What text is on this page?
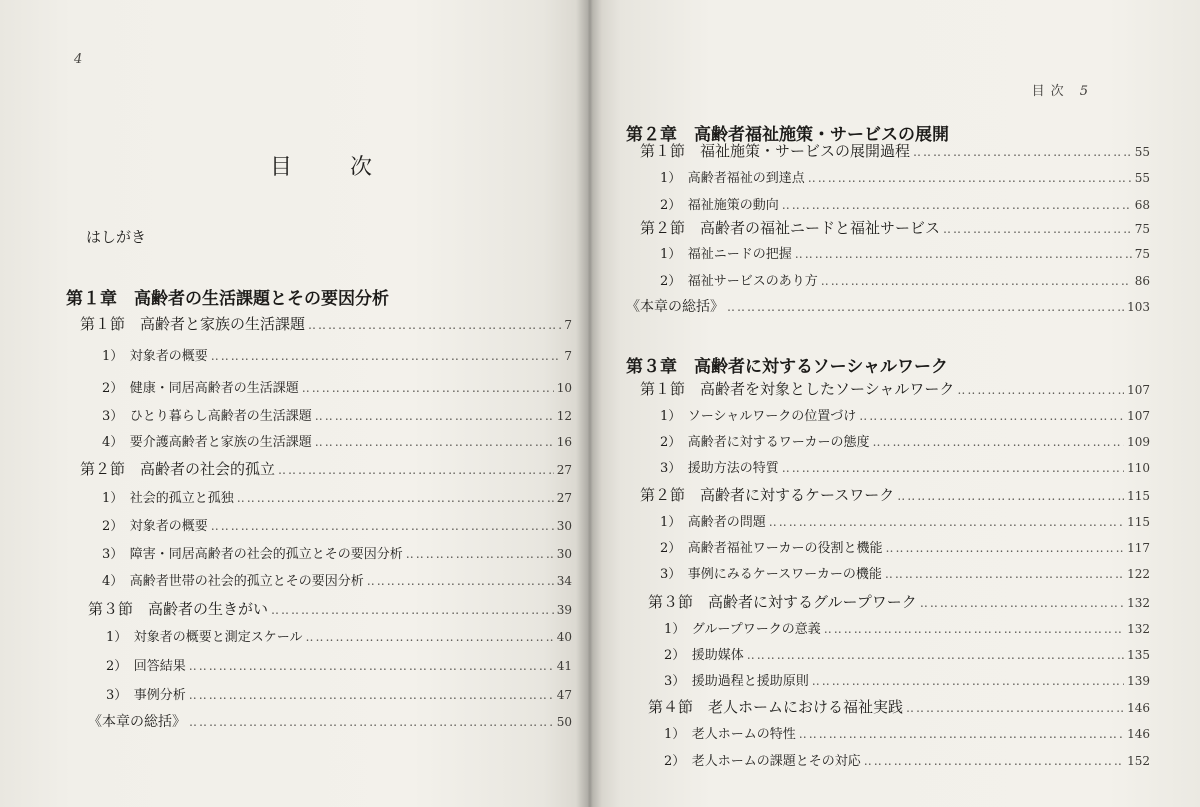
4
目次
はしがき
第１章　高齢者の生活課題とその要因分析
第１節　高齢者と家族の生活課題 ‥‥‥‥‥‥‥‥‥‥‥‥‥‥‥‥‥‥‥‥‥‥‥‥‥‥‥‥‥‥‥‥‥‥‥‥‥‥‥‥‥‥‥‥‥‥‥‥‥‥‥‥‥‥‥‥‥‥‥‥‥‥‥‥‥‥‥‥‥‥‥‥‥‥‥‥‥‥‥‥	7
1）　対象者の概要 ‥‥‥‥‥‥‥‥‥‥‥‥‥‥‥‥‥‥‥‥‥‥‥‥‥‥‥‥‥‥‥‥‥‥‥‥‥‥‥‥‥‥‥‥‥‥‥‥‥‥‥‥‥‥‥‥‥‥‥‥‥‥‥‥‥‥‥‥‥‥‥‥‥‥‥‥‥‥‥‥	7
2）　健康・同居高齢者の生活課題 ‥‥‥‥‥‥‥‥‥‥‥‥‥‥‥‥‥‥‥‥‥‥‥‥‥‥‥‥‥‥‥‥‥‥‥‥‥‥‥‥‥‥‥‥‥‥‥‥‥‥‥‥‥‥‥‥‥‥‥‥‥‥‥‥‥‥‥‥‥‥‥‥‥‥‥‥‥‥‥‥	10
3）　ひとり暮らし高齢者の生活課題 ‥‥‥‥‥‥‥‥‥‥‥‥‥‥‥‥‥‥‥‥‥‥‥‥‥‥‥‥‥‥‥‥‥‥‥‥‥‥‥‥‥‥‥‥‥‥‥‥‥‥‥‥‥‥‥‥‥‥‥‥‥‥‥‥‥‥‥‥‥‥‥‥‥‥‥‥‥‥‥‥	12
4）　要介護高齢者と家族の生活課題 ‥‥‥‥‥‥‥‥‥‥‥‥‥‥‥‥‥‥‥‥‥‥‥‥‥‥‥‥‥‥‥‥‥‥‥‥‥‥‥‥‥‥‥‥‥‥‥‥‥‥‥‥‥‥‥‥‥‥‥‥‥‥‥‥‥‥‥‥‥‥‥‥‥‥‥‥‥‥‥‥	16
第２節　高齢者の社会的孤立 ‥‥‥‥‥‥‥‥‥‥‥‥‥‥‥‥‥‥‥‥‥‥‥‥‥‥‥‥‥‥‥‥‥‥‥‥‥‥‥‥‥‥‥‥‥‥‥‥‥‥‥‥‥‥‥‥‥‥‥‥‥‥‥‥‥‥‥‥‥‥‥‥‥‥‥‥‥‥‥‥	27
1）　社会的孤立と孤独 ‥‥‥‥‥‥‥‥‥‥‥‥‥‥‥‥‥‥‥‥‥‥‥‥‥‥‥‥‥‥‥‥‥‥‥‥‥‥‥‥‥‥‥‥‥‥‥‥‥‥‥‥‥‥‥‥‥‥‥‥‥‥‥‥‥‥‥‥‥‥‥‥‥‥‥‥‥‥‥‥	27
2）　対象者の概要 ‥‥‥‥‥‥‥‥‥‥‥‥‥‥‥‥‥‥‥‥‥‥‥‥‥‥‥‥‥‥‥‥‥‥‥‥‥‥‥‥‥‥‥‥‥‥‥‥‥‥‥‥‥‥‥‥‥‥‥‥‥‥‥‥‥‥‥‥‥‥‥‥‥‥‥‥‥‥‥‥	30
3）　障害・同居高齢者の社会的孤立とその要因分析 ‥‥‥‥‥‥‥‥‥‥‥‥‥‥‥‥‥‥‥‥‥‥‥‥‥‥‥‥‥‥‥‥‥‥‥‥‥‥‥‥‥‥‥‥‥‥‥‥‥‥‥‥‥‥‥‥‥‥‥‥‥‥‥‥‥‥‥‥‥‥‥‥‥‥‥‥‥‥‥‥	30
4）　高齢者世帯の社会的孤立とその要因分析 ‥‥‥‥‥‥‥‥‥‥‥‥‥‥‥‥‥‥‥‥‥‥‥‥‥‥‥‥‥‥‥‥‥‥‥‥‥‥‥‥‥‥‥‥‥‥‥‥‥‥‥‥‥‥‥‥‥‥‥‥‥‥‥‥‥‥‥‥‥‥‥‥‥‥‥‥‥‥‥‥	34
第３節　高齢者の生きがい ‥‥‥‥‥‥‥‥‥‥‥‥‥‥‥‥‥‥‥‥‥‥‥‥‥‥‥‥‥‥‥‥‥‥‥‥‥‥‥‥‥‥‥‥‥‥‥‥‥‥‥‥‥‥‥‥‥‥‥‥‥‥‥‥‥‥‥‥‥‥‥‥‥‥‥‥‥‥‥‥	39
1）　対象者の概要と測定スケール ‥‥‥‥‥‥‥‥‥‥‥‥‥‥‥‥‥‥‥‥‥‥‥‥‥‥‥‥‥‥‥‥‥‥‥‥‥‥‥‥‥‥‥‥‥‥‥‥‥‥‥‥‥‥‥‥‥‥‥‥‥‥‥‥‥‥‥‥‥‥‥‥‥‥‥‥‥‥‥‥	40
2）　回答結果 ‥‥‥‥‥‥‥‥‥‥‥‥‥‥‥‥‥‥‥‥‥‥‥‥‥‥‥‥‥‥‥‥‥‥‥‥‥‥‥‥‥‥‥‥‥‥‥‥‥‥‥‥‥‥‥‥‥‥‥‥‥‥‥‥‥‥‥‥‥‥‥‥‥‥‥‥‥‥‥‥	41
3）　事例分析 ‥‥‥‥‥‥‥‥‥‥‥‥‥‥‥‥‥‥‥‥‥‥‥‥‥‥‥‥‥‥‥‥‥‥‥‥‥‥‥‥‥‥‥‥‥‥‥‥‥‥‥‥‥‥‥‥‥‥‥‥‥‥‥‥‥‥‥‥‥‥‥‥‥‥‥‥‥‥‥‥	47
《本章の総括》 ‥‥‥‥‥‥‥‥‥‥‥‥‥‥‥‥‥‥‥‥‥‥‥‥‥‥‥‥‥‥‥‥‥‥‥‥‥‥‥‥‥‥‥‥‥‥‥‥‥‥‥‥‥‥‥‥‥‥‥‥‥‥‥‥‥‥‥‥‥‥‥‥‥‥‥‥‥‥‥‥	50
目次 5
第２章　高齢者福祉施策・サービスの展開
第１節　福祉施策・サービスの展開過程 ‥‥‥‥‥‥‥‥‥‥‥‥‥‥‥‥‥‥‥‥‥‥‥‥‥‥‥‥‥‥‥‥‥‥‥‥‥‥‥‥‥‥‥‥‥‥‥‥‥‥‥‥‥‥‥‥‥‥‥‥‥‥‥‥‥‥‥‥‥‥‥‥‥‥‥‥‥‥‥‥	55
1）　高齢者福祉の到達点 ‥‥‥‥‥‥‥‥‥‥‥‥‥‥‥‥‥‥‥‥‥‥‥‥‥‥‥‥‥‥‥‥‥‥‥‥‥‥‥‥‥‥‥‥‥‥‥‥‥‥‥‥‥‥‥‥‥‥‥‥‥‥‥‥‥‥‥‥‥‥‥‥‥‥‥‥‥‥‥‥	55
2）　福祉施策の動向 ‥‥‥‥‥‥‥‥‥‥‥‥‥‥‥‥‥‥‥‥‥‥‥‥‥‥‥‥‥‥‥‥‥‥‥‥‥‥‥‥‥‥‥‥‥‥‥‥‥‥‥‥‥‥‥‥‥‥‥‥‥‥‥‥‥‥‥‥‥‥‥‥‥‥‥‥‥‥‥‥	68
第２節　高齢者の福祉ニードと福祉サービス ‥‥‥‥‥‥‥‥‥‥‥‥‥‥‥‥‥‥‥‥‥‥‥‥‥‥‥‥‥‥‥‥‥‥‥‥‥‥‥‥‥‥‥‥‥‥‥‥‥‥‥‥‥‥‥‥‥‥‥‥‥‥‥‥‥‥‥‥‥‥‥‥‥‥‥‥‥‥‥‥	75
1）　福祉ニードの把握 ‥‥‥‥‥‥‥‥‥‥‥‥‥‥‥‥‥‥‥‥‥‥‥‥‥‥‥‥‥‥‥‥‥‥‥‥‥‥‥‥‥‥‥‥‥‥‥‥‥‥‥‥‥‥‥‥‥‥‥‥‥‥‥‥‥‥‥‥‥‥‥‥‥‥‥‥‥‥‥‥	75
2）　福祉サービスのあり方 ‥‥‥‥‥‥‥‥‥‥‥‥‥‥‥‥‥‥‥‥‥‥‥‥‥‥‥‥‥‥‥‥‥‥‥‥‥‥‥‥‥‥‥‥‥‥‥‥‥‥‥‥‥‥‥‥‥‥‥‥‥‥‥‥‥‥‥‥‥‥‥‥‥‥‥‥‥‥‥‥	86
《本章の総括》 ‥‥‥‥‥‥‥‥‥‥‥‥‥‥‥‥‥‥‥‥‥‥‥‥‥‥‥‥‥‥‥‥‥‥‥‥‥‥‥‥‥‥‥‥‥‥‥‥‥‥‥‥‥‥‥‥‥‥‥‥‥‥‥‥‥‥‥‥‥‥‥‥‥‥‥‥‥‥‥‥	103
第３章　高齢者に対するソーシャルワーク
第１節　高齢者を対象としたソーシャルワーク ‥‥‥‥‥‥‥‥‥‥‥‥‥‥‥‥‥‥‥‥‥‥‥‥‥‥‥‥‥‥‥‥‥‥‥‥‥‥‥‥‥‥‥‥‥‥‥‥‥‥‥‥‥‥‥‥‥‥‥‥‥‥‥‥‥‥‥‥‥‥‥‥‥‥‥‥‥‥‥‥	107
1）　ソーシャルワークの位置づけ ‥‥‥‥‥‥‥‥‥‥‥‥‥‥‥‥‥‥‥‥‥‥‥‥‥‥‥‥‥‥‥‥‥‥‥‥‥‥‥‥‥‥‥‥‥‥‥‥‥‥‥‥‥‥‥‥‥‥‥‥‥‥‥‥‥‥‥‥‥‥‥‥‥‥‥‥‥‥‥‥	107
2）　高齢者に対するワーカーの態度 ‥‥‥‥‥‥‥‥‥‥‥‥‥‥‥‥‥‥‥‥‥‥‥‥‥‥‥‥‥‥‥‥‥‥‥‥‥‥‥‥‥‥‥‥‥‥‥‥‥‥‥‥‥‥‥‥‥‥‥‥‥‥‥‥‥‥‥‥‥‥‥‥‥‥‥‥‥‥‥‥	109
3）　援助方法の特質 ‥‥‥‥‥‥‥‥‥‥‥‥‥‥‥‥‥‥‥‥‥‥‥‥‥‥‥‥‥‥‥‥‥‥‥‥‥‥‥‥‥‥‥‥‥‥‥‥‥‥‥‥‥‥‥‥‥‥‥‥‥‥‥‥‥‥‥‥‥‥‥‥‥‥‥‥‥‥‥‥	110
第２節　高齢者に対するケースワーク ‥‥‥‥‥‥‥‥‥‥‥‥‥‥‥‥‥‥‥‥‥‥‥‥‥‥‥‥‥‥‥‥‥‥‥‥‥‥‥‥‥‥‥‥‥‥‥‥‥‥‥‥‥‥‥‥‥‥‥‥‥‥‥‥‥‥‥‥‥‥‥‥‥‥‥‥‥‥‥‥	115
1）　高齢者の問題 ‥‥‥‥‥‥‥‥‥‥‥‥‥‥‥‥‥‥‥‥‥‥‥‥‥‥‥‥‥‥‥‥‥‥‥‥‥‥‥‥‥‥‥‥‥‥‥‥‥‥‥‥‥‥‥‥‥‥‥‥‥‥‥‥‥‥‥‥‥‥‥‥‥‥‥‥‥‥‥‥	115
2）　高齢者福祉ワーカーの役割と機能 ‥‥‥‥‥‥‥‥‥‥‥‥‥‥‥‥‥‥‥‥‥‥‥‥‥‥‥‥‥‥‥‥‥‥‥‥‥‥‥‥‥‥‥‥‥‥‥‥‥‥‥‥‥‥‥‥‥‥‥‥‥‥‥‥‥‥‥‥‥‥‥‥‥‥‥‥‥‥‥‥	117
3）　事例にみるケースワーカーの機能 ‥‥‥‥‥‥‥‥‥‥‥‥‥‥‥‥‥‥‥‥‥‥‥‥‥‥‥‥‥‥‥‥‥‥‥‥‥‥‥‥‥‥‥‥‥‥‥‥‥‥‥‥‥‥‥‥‥‥‥‥‥‥‥‥‥‥‥‥‥‥‥‥‥‥‥‥‥‥‥‥	122
第３節　高齢者に対するグループワーク ‥‥‥‥‥‥‥‥‥‥‥‥‥‥‥‥‥‥‥‥‥‥‥‥‥‥‥‥‥‥‥‥‥‥‥‥‥‥‥‥‥‥‥‥‥‥‥‥‥‥‥‥‥‥‥‥‥‥‥‥‥‥‥‥‥‥‥‥‥‥‥‥‥‥‥‥‥‥‥‥	132
1）　グループワークの意義 ‥‥‥‥‥‥‥‥‥‥‥‥‥‥‥‥‥‥‥‥‥‥‥‥‥‥‥‥‥‥‥‥‥‥‥‥‥‥‥‥‥‥‥‥‥‥‥‥‥‥‥‥‥‥‥‥‥‥‥‥‥‥‥‥‥‥‥‥‥‥‥‥‥‥‥‥‥‥‥‥	132
2）　援助媒体 ‥‥‥‥‥‥‥‥‥‥‥‥‥‥‥‥‥‥‥‥‥‥‥‥‥‥‥‥‥‥‥‥‥‥‥‥‥‥‥‥‥‥‥‥‥‥‥‥‥‥‥‥‥‥‥‥‥‥‥‥‥‥‥‥‥‥‥‥‥‥‥‥‥‥‥‥‥‥‥‥	135
3）　援助過程と援助原則 ‥‥‥‥‥‥‥‥‥‥‥‥‥‥‥‥‥‥‥‥‥‥‥‥‥‥‥‥‥‥‥‥‥‥‥‥‥‥‥‥‥‥‥‥‥‥‥‥‥‥‥‥‥‥‥‥‥‥‥‥‥‥‥‥‥‥‥‥‥‥‥‥‥‥‥‥‥‥‥‥	139
第４節　老人ホームにおける福祉実践 ‥‥‥‥‥‥‥‥‥‥‥‥‥‥‥‥‥‥‥‥‥‥‥‥‥‥‥‥‥‥‥‥‥‥‥‥‥‥‥‥‥‥‥‥‥‥‥‥‥‥‥‥‥‥‥‥‥‥‥‥‥‥‥‥‥‥‥‥‥‥‥‥‥‥‥‥‥‥‥‥	146
1）　老人ホームの特性 ‥‥‥‥‥‥‥‥‥‥‥‥‥‥‥‥‥‥‥‥‥‥‥‥‥‥‥‥‥‥‥‥‥‥‥‥‥‥‥‥‥‥‥‥‥‥‥‥‥‥‥‥‥‥‥‥‥‥‥‥‥‥‥‥‥‥‥‥‥‥‥‥‥‥‥‥‥‥‥‥	146
2）　老人ホームの課題とその対応 ‥‥‥‥‥‥‥‥‥‥‥‥‥‥‥‥‥‥‥‥‥‥‥‥‥‥‥‥‥‥‥‥‥‥‥‥‥‥‥‥‥‥‥‥‥‥‥‥‥‥‥‥‥‥‥‥‥‥‥‥‥‥‥‥‥‥‥‥‥‥‥‥‥‥‥‥‥‥‥‥	152
